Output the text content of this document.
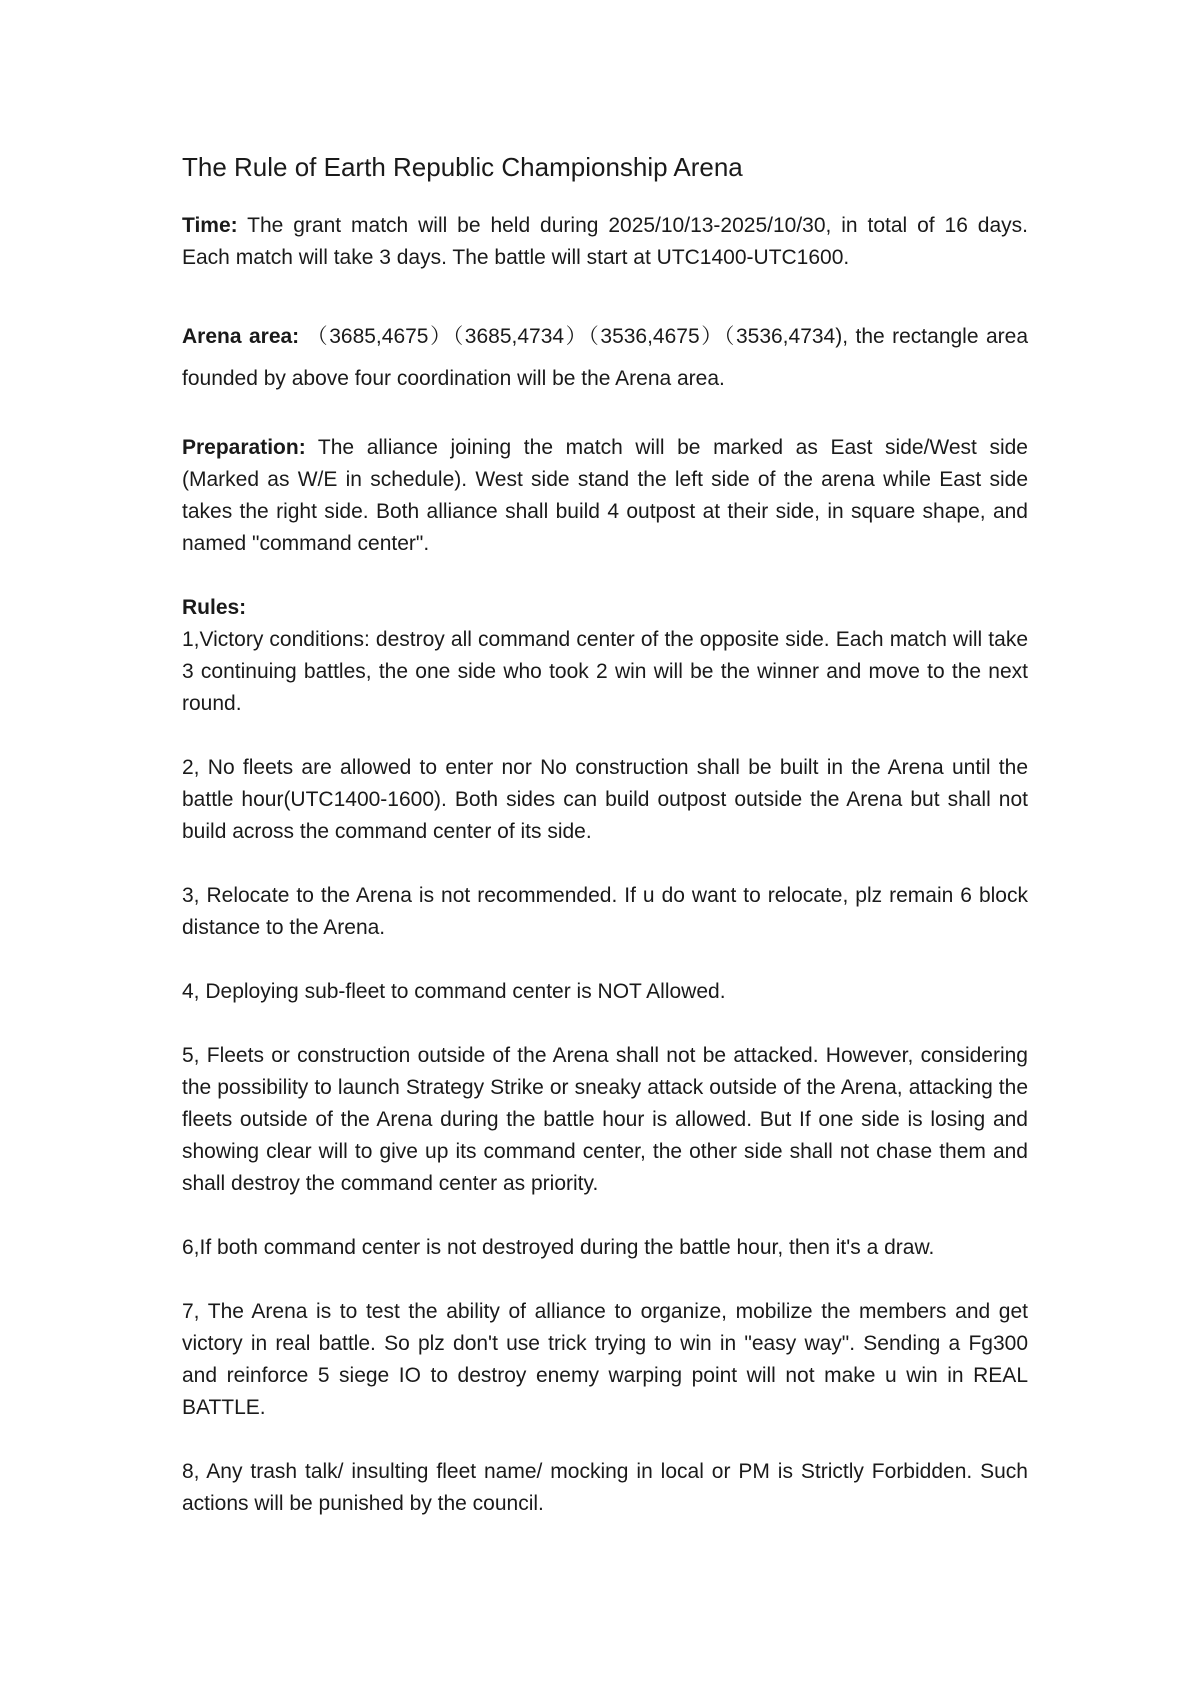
The Rule of Earth Republic Championship Arena

Time: The grant match will be held during 2025/10/13-2025/10/30, in total of 16 days. Each match will take 3 days. The battle will start at UTC1400-UTC1600.

Arena area: （3685,4675）（3685,4734）（3536,4675）（3536,4734), the rectangle area founded by above four coordination will be the Arena area.

Preparation: The alliance joining the match will be marked as East side/West side (Marked as W/E in schedule). West side stand the left side of the arena while East side takes the right side. Both alliance shall build 4 outpost at their side, in square shape, and named "command center".

Rules:

1,Victory conditions: destroy all command center of the opposite side. Each match will take 3 continuing battles, the one side who took 2 win will be the winner and move to the next round.

2, No fleets are allowed to enter nor No construction shall be built in the Arena until the battle hour(UTC1400-1600). Both sides can build outpost outside the Arena but shall not build across the command center of its side.

3, Relocate to the Arena is not recommended. If u do want to relocate, plz remain 6 block distance to the Arena.

4, Deploying sub-fleet to command center is NOT Allowed.

5, Fleets or construction outside of the Arena shall not be attacked. However, considering the possibility to launch Strategy Strike or sneaky attack outside of the Arena, attacking the fleets outside of the Arena during the battle hour is allowed. But If one side is losing and showing clear will to give up its command center, the other side shall not chase them and shall destroy the command center as priority.

6,If both command center is not destroyed during the battle hour, then it's a draw.

7, The Arena is to test the ability of alliance to organize, mobilize the members and get victory in real battle. So plz don't use trick trying to win in "easy way". Sending a Fg300 and reinforce 5 siege IO to destroy enemy warping point will not make u win in REAL BATTLE.

8, Any trash talk/ insulting fleet name/ mocking in local or PM is Strictly Forbidden. Such actions will be punished by the council.
